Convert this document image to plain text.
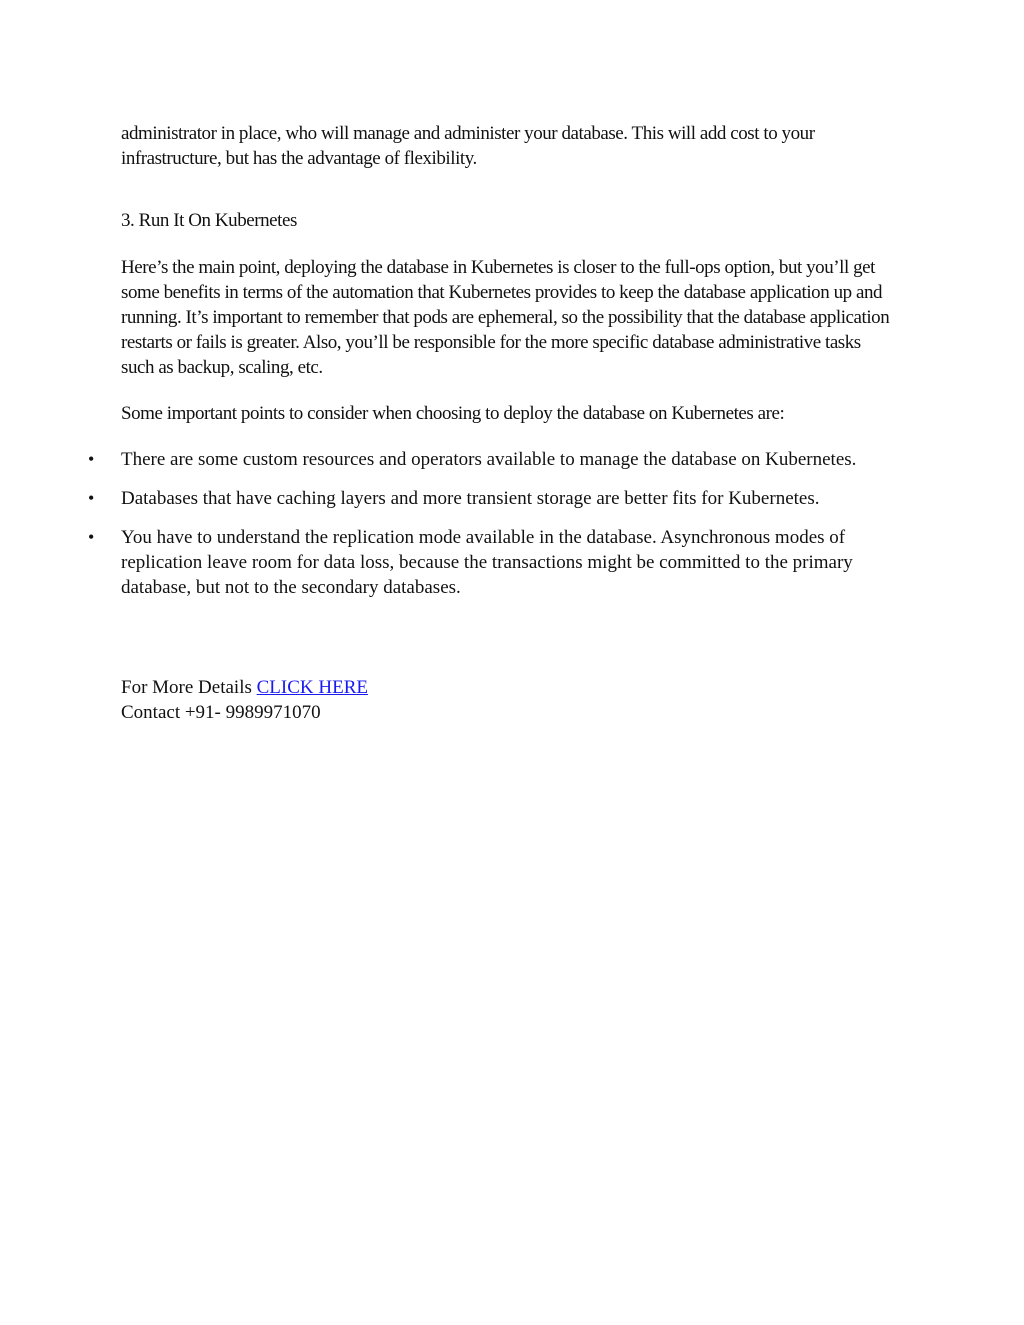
administrator in place, who will manage and administer your database. This will add cost to your infrastructure, but has the advantage of flexibility.

3. Run It On Kubernetes

Here’s the main point, deploying the database in Kubernetes is closer to the full-ops option, but you’ll get some benefits in terms of the automation that Kubernetes provides to keep the database application up and running. It’s important to remember that pods are ephemeral, so the possibility that the database application restarts or fails is greater. Also, you’ll be responsible for the more specific database administrative tasks such as backup, scaling, etc.

Some important points to consider when choosing to deploy the database on Kubernetes are:

• There are some custom resources and operators available to manage the database on Kubernetes.
• Databases that have caching layers and more transient storage are better fits for Kubernetes.
• You have to understand the replication mode available in the database. Asynchronous modes of replication leave room for data loss, because the transactions might be committed to the primary database, but not to the secondary databases.
For More Details CLICK HERE
Contact +91- 9989971070
